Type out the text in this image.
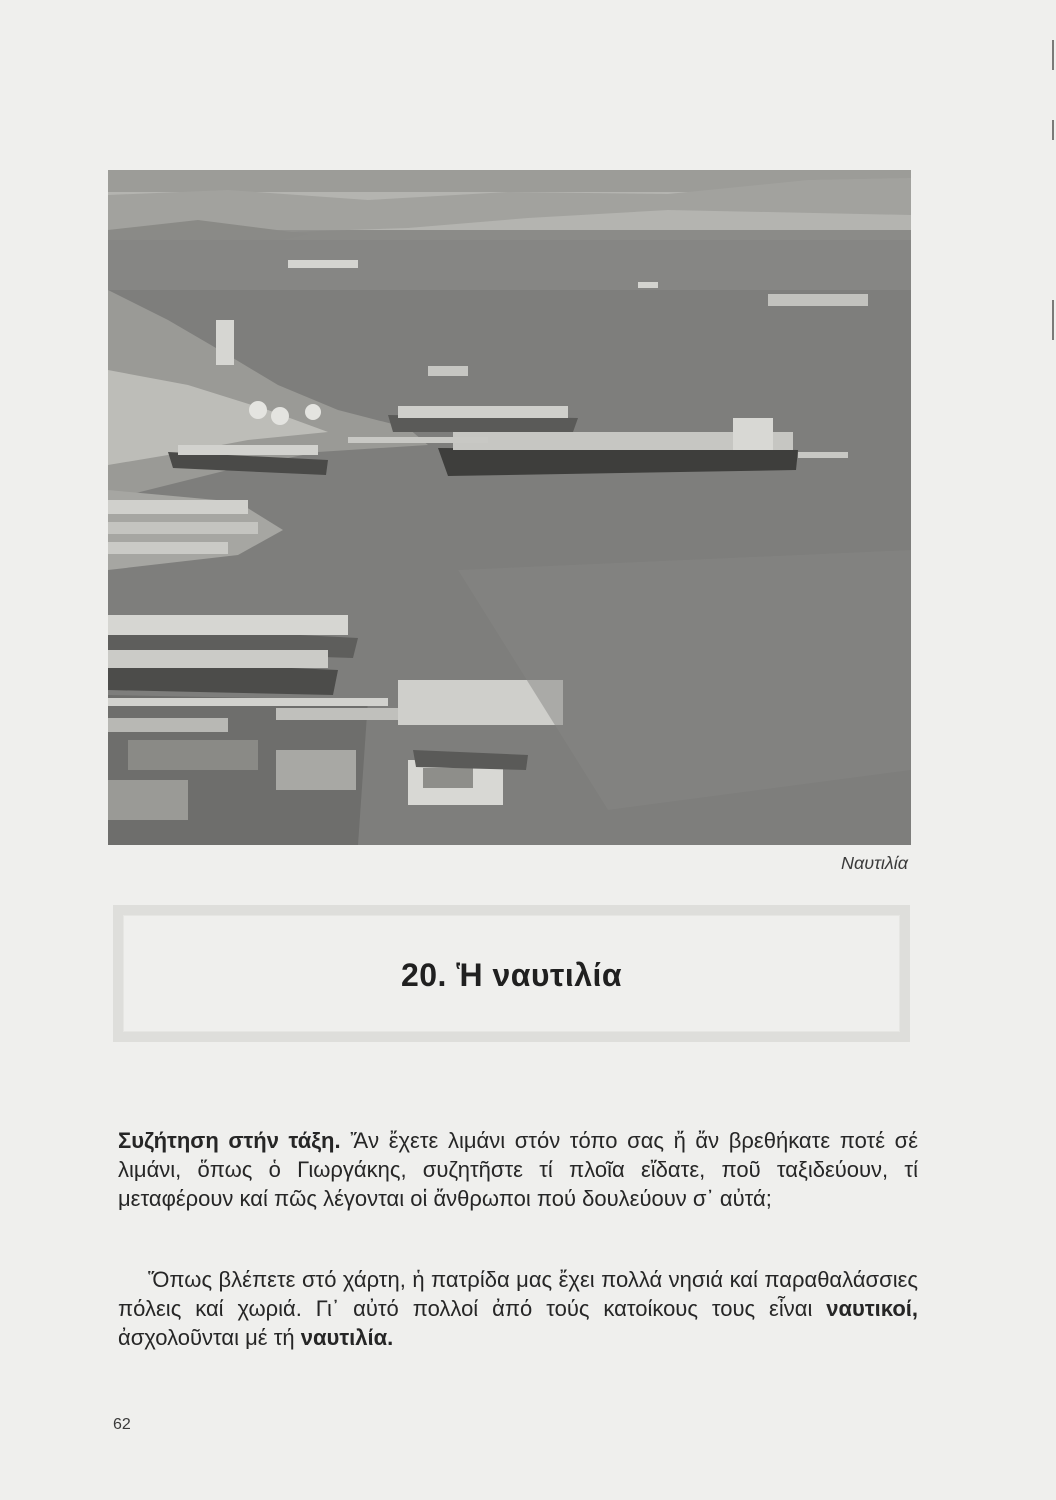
Ναυτιλία
20. Ἡ ναυτιλία

Συζήτηση στήν τάξη. Ἄν ἔχετε λιμάνι στόν τόπο σας ἤ ἄν βρεθήκατε ποτέ σέ λιμάνι, ὅπως ὁ Γιωργάκης, συζητῆστε τί πλοῖα εἴδατε, ποῦ ταξιδεύουν, τί μεταφέρουν καί πῶς λέγονται οἱ ἄνθρωποι πού δουλεύουν σ᾽ αὐτά;

Ὅπως βλέπετε στό χάρτη, ἡ πατρίδα μας ἔχει πολλά νησιά καί παραθαλάσσιες πόλεις καί χωριά. Γι᾽ αὐτό πολλοί ἀπό τούς κατοίκους τους εἶναι ναυτικοί, ἀσχολοῦνται μέ τή ναυτιλία.

62
